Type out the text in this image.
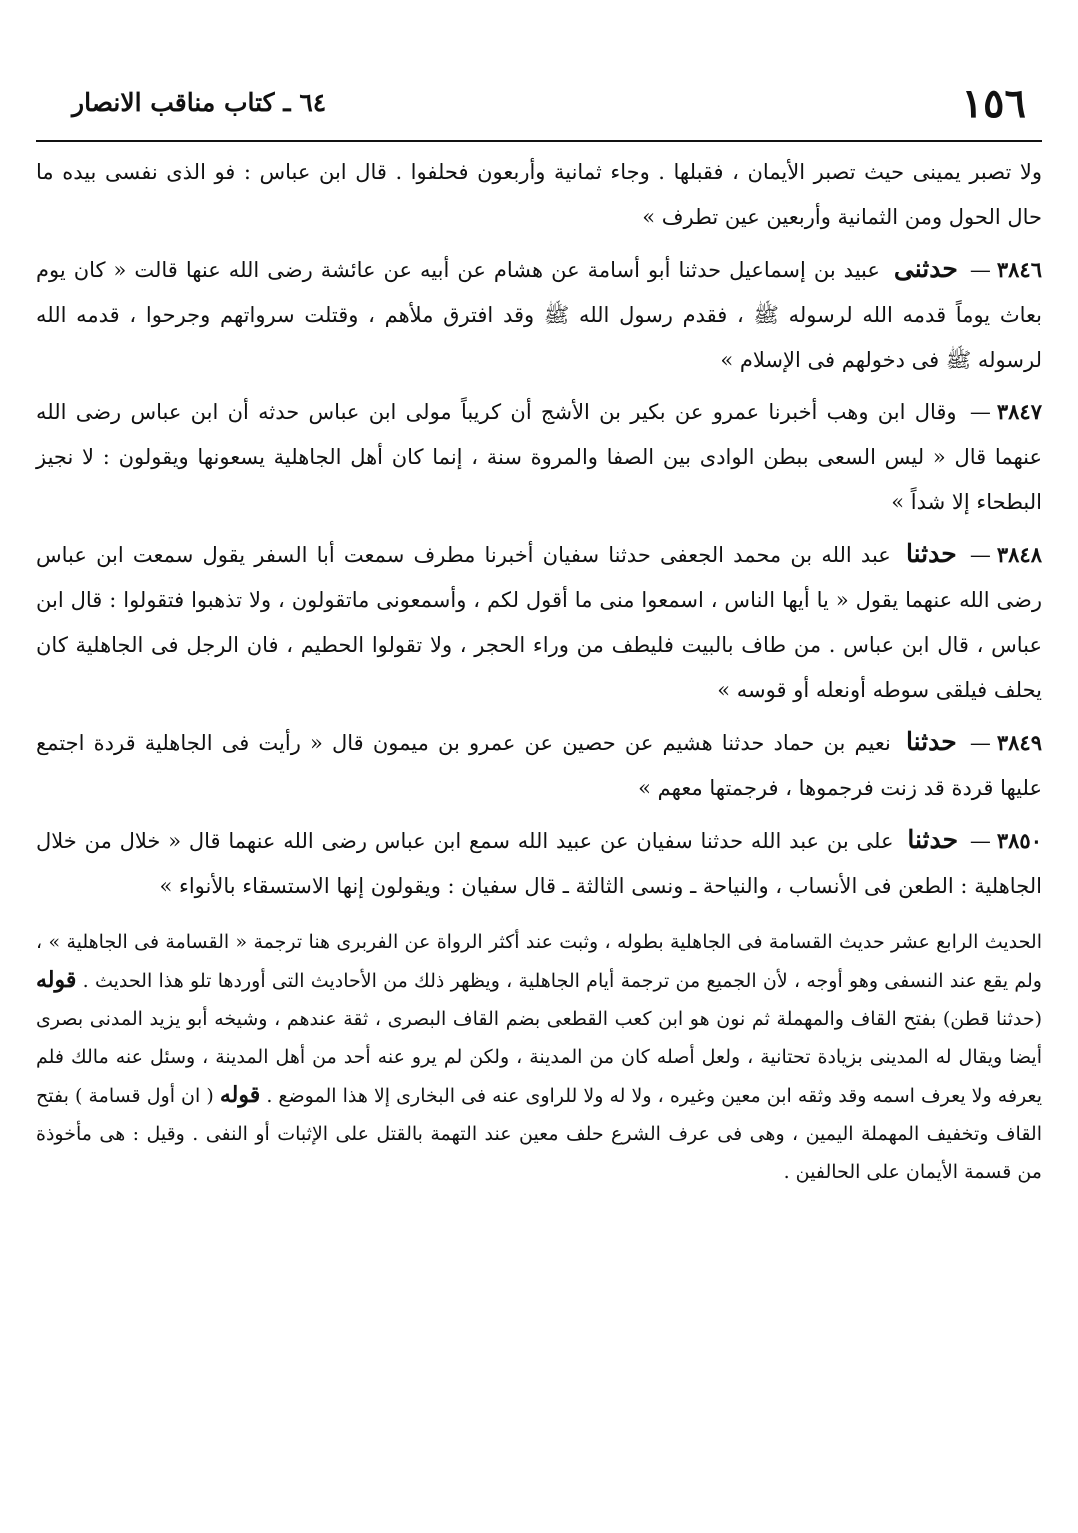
١٥٦
٦٤ ـ كتاب مناقب الانصار

ولا تصبر يمينى حيث تصبر الأيمان ، فقبلها . وجاء ثمانية وأربعون فحلفوا . قال ابن عباس : فو الذى نفسى بيده ما حال الحول ومن الثمانية وأربعين عين تطرف »

٣٨٤٦— حدثنى عبيد بن إسماعيل حدثنا أبو أسامة عن هشام عن أبيه عن عائشة رضى الله عنها قالت « كان يوم بعاث يوماً قدمه الله لرسوله ﷺ ، فقدم رسول الله ﷺ وقد افترق ملأهم ، وقتلت سرواتهم وجرحوا ، قدمه الله لرسوله ﷺ فى دخولهم فى الإسلام »

٣٨٤٧— وقال ابن وهب أخبرنا عمرو عن بكير بن الأشج أن كريباً مولى ابن عباس حدثه أن ابن عباس رضى الله عنهما قال « ليس السعى ببطن الوادى بين الصفا والمروة سنة ، إنما كان أهل الجاهلية يسعونها ويقولون : لا نجيز البطحاء إلا شداً »

٣٨٤٨— حدثنا عبد الله بن محمد الجعفى حدثنا سفيان أخبرنا مطرف سمعت أبا السفر يقول سمعت ابن عباس رضى الله عنهما يقول « يا أيها الناس ، اسمعوا منى ما أقول لكم ، وأسمعونى ماتقولون ، ولا تذهبوا فتقولوا : قال ابن عباس ، قال ابن عباس . من طاف بالبيت فليطف من وراء الحجر ، ولا تقولوا الحطيم ، فان الرجل فى الجاهلية كان يحلف فيلقى سوطه أونعله أو قوسه »

٣٨٤٩— حدثنا نعيم بن حماد حدثنا هشيم عن حصين عن عمرو بن ميمون قال « رأيت فى الجاهلية قردة اجتمع عليها قردة قد زنت فرجموها ، فرجمتها معهم »

٣٨٥٠— حدثنا على بن عبد الله حدثنا سفيان عن عبيد الله سمع ابن عباس رضى الله عنهما قال « خلال من خلال الجاهلية : الطعن فى الأنساب ، والنياحة ـ ونسى الثالثة ـ قال سفيان : ويقولون إنها الاستسقاء بالأنواء »

الحديث الرابع عشر حديث القسامة فى الجاهلية بطوله ، وثبت عند أكثر الرواة عن الفربرى هنا ترجمة « القسامة فى الجاهلية » ، ولم يقع عند النسفى وهو أوجه ، لأن الجميع من ترجمة أيام الجاهلية ، ويظهر ذلك من الأحاديث التى أوردها تلو هذا الحديث . قوله (حدثنا قطن) بفتح القاف والمهملة ثم نون هو ابن كعب القطعى بضم القاف البصرى ، ثقة عندهم ، وشيخه أبو يزيد المدنى بصرى أيضا ويقال له المدينى بزيادة تحتانية ، ولعل أصله كان من المدينة ، ولكن لم يرو عنه أحد من أهل المدينة ، وسئل عنه مالك فلم يعرفه ولا يعرف اسمه وقد وثقه ابن معين وغيره ، ولا له ولا للراوى عنه فى البخارى إلا هذا الموضع . قوله ( ان أول قسامة ) بفتح القاف وتخفيف المهملة اليمين ، وهى فى عرف الشرع حلف معين عند التهمة بالقتل على الإثبات أو النفى . وقيل : هى مأخوذة من قسمة الأيمان على الحالفين .
